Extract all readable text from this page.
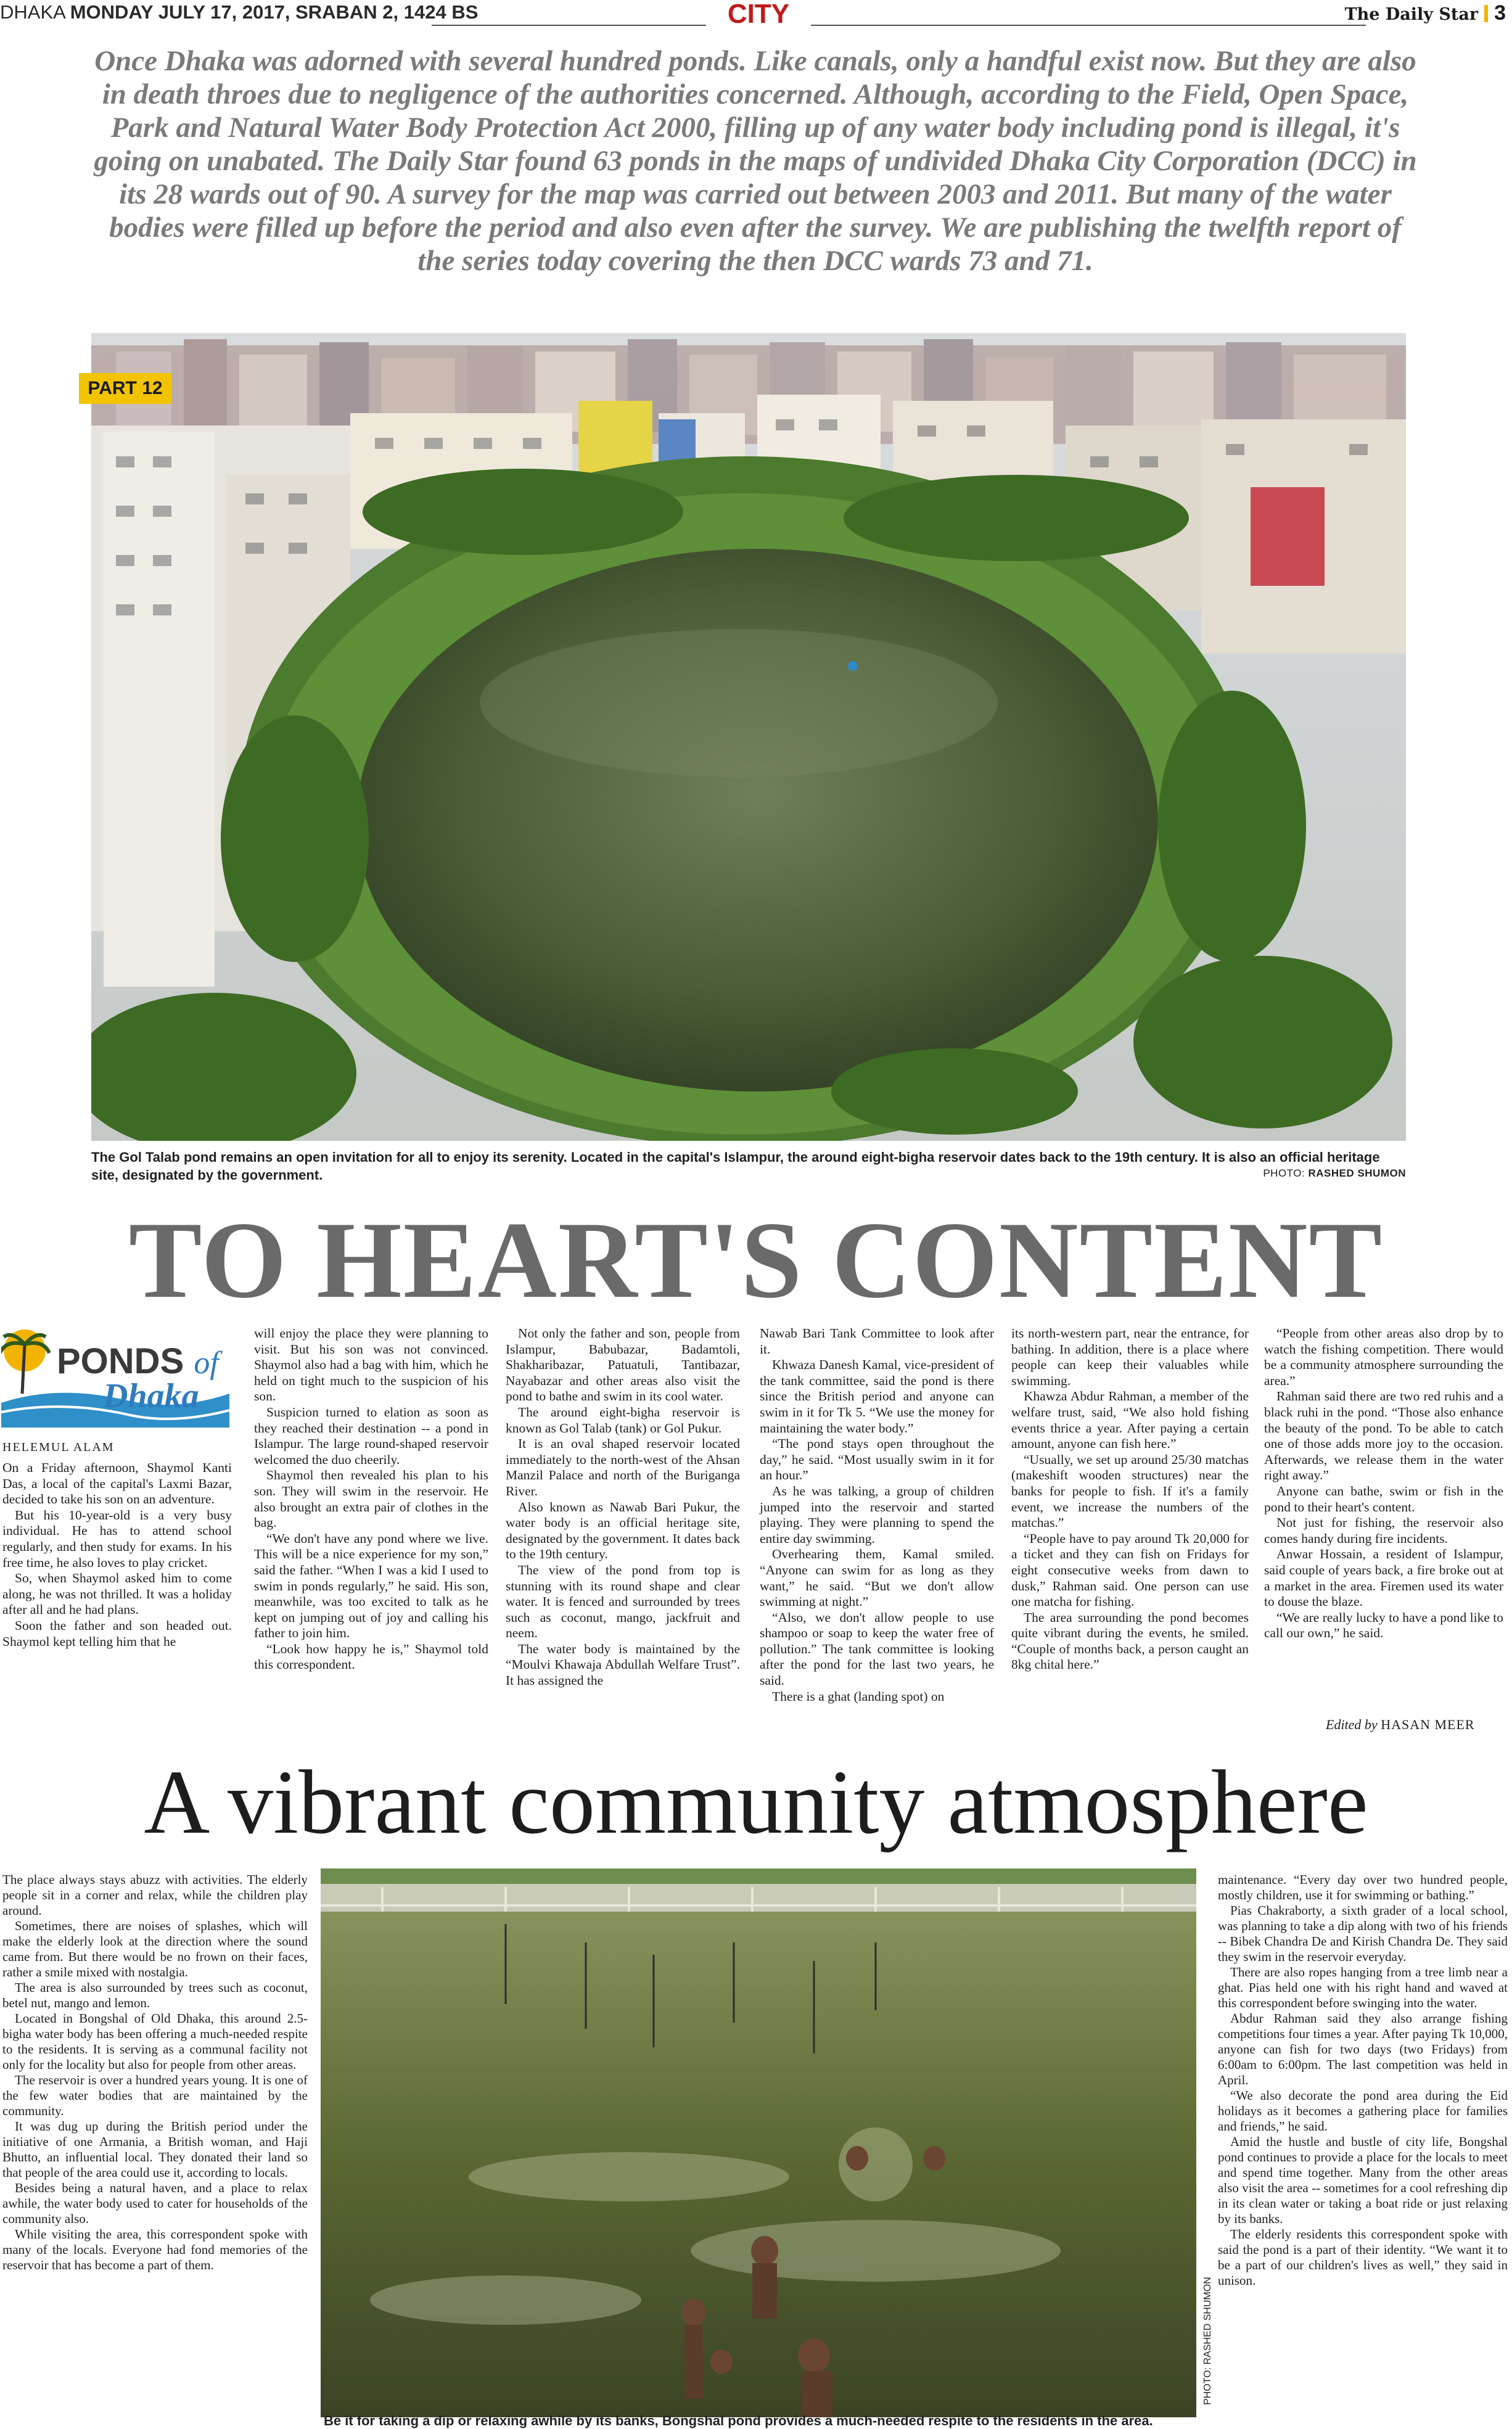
DHAKA MONDAY JULY 17, 2017, SRABAN 2, 1424 BS	CITY	The Daily Star 3
Once Dhaka was adorned with several hundred ponds. Like canals, only a handful exist now. But they are also in death throes due to negligence of the authorities concerned. Although, according to the Field, Open Space, Park and Natural Water Body Protection Act 2000, filling up of any water body including pond is illegal, it's going on unabated. The Daily Star found 63 ponds in the maps of undivided Dhaka City Corporation (DCC) in its 28 wards out of 90. A survey for the map was carried out between 2003 and 2011. But many of the water bodies were filled up before the period and also even after the survey. We are publishing the twelfth report of the series today covering the then DCC wards 73 and 71.
PART 12
The Gol Talab pond remains an open invitation for all to enjoy its serenity. Located in the capital's Islampur, the around eight-bigha reservoir dates back to the 19th century. It is also an official heritage site, designated by the government.	PHOTO: RASHED SHUMON
TO HEART'S CONTENT
PONDS of
Dhaka
HELEMUL ALAM

On a Friday afternoon, Shaymol Kanti Das, a local of the capital's Laxmi Bazar, decided to take his son on an adventure.

But his 10-year-old is a very busy individual. He has to attend school regularly, and then study for exams. In his free time, he also loves to play cricket.

So, when Shaymol asked him to come along, he was not thrilled. It was a holiday after all and he had plans.

Soon the father and son headed out. Shaymol kept telling him that he

will enjoy the place they were planning to visit. But his son was not convinced. Shaymol also had a bag with him, which he held on tight much to the suspicion of his son.

Suspicion turned to elation as soon as they reached their destination -- a pond in Islampur. The large round-shaped reservoir welcomed the duo cheerily.

Shaymol then revealed his plan to his son. They will swim in the reservoir. He also brought an extra pair of clothes in the bag.

“We don't have any pond where we live. This will be a nice experience for my son,” said the father. “When I was a kid I used to swim in ponds regularly,” he said. His son, meanwhile, was too excited to talk as he kept on jumping out of joy and calling his father to join him.

“Look how happy he is,” Shaymol told this correspondent.

Not only the father and son, people from Islampur, Babubazar, Badamtoli, Shakharibazar, Patuatuli, Tantibazar, Nayabazar and other areas also visit the pond to bathe and swim in its cool water.

The around eight-bigha reservoir is known as Gol Talab (tank) or Gol Pukur.

It is an oval shaped reservoir located immediately to the north-west of the Ahsan Manzil Palace and north of the Buriganga River.

Also known as Nawab Bari Pukur, the water body is an official heritage site, designated by the government. It dates back to the 19th century.

The view of the pond from top is stunning with its round shape and clear water. It is fenced and surrounded by trees such as coconut, mango, jackfruit and neem.

The water body is maintained by the “Moulvi Khawaja Abdullah Welfare Trust”. It has assigned the

Nawab Bari Tank Committee to look after it.

Khwaza Danesh Kamal, vice-president of the tank committee, said the pond is there since the British period and anyone can swim in it for Tk 5. “We use the money for maintaining the water body.”

“The pond stays open throughout the day,” he said. “Most usually swim in it for an hour.”

As he was talking, a group of children jumped into the reservoir and started playing. They were planning to spend the entire day swimming.

Overhearing them, Kamal smiled. “Anyone can swim for as long as they want,” he said. “But we don't allow swimming at night.”

“Also, we don't allow people to use shampoo or soap to keep the water free of pollution.” The tank committee is looking after the pond for the last two years, he said.

There is a ghat (landing spot) on

its north-western part, near the entrance, for bathing. In addition, there is a place where people can keep their valuables while swimming.

Khawza Abdur Rahman, a member of the welfare trust, said, “We also hold fishing events thrice a year. After paying a certain amount, anyone can fish here.”

“Usually, we set up around 25/30 matchas (makeshift wooden structures) near the banks for people to fish. If it's a family event, we increase the numbers of the matchas.”

“People have to pay around Tk 20,000 for a ticket and they can fish on Fridays for eight consecutive weeks from dawn to dusk,” Rahman said. One person can use one matcha for fishing.

The area surrounding the pond becomes quite vibrant during the events, he smiled. “Couple of months back, a person caught an 8kg chital here.”

“People from other areas also drop by to watch the fishing competition. There would be a community atmosphere surrounding the area.”

Rahman said there are two red ruhis and a black ruhi in the pond. “Those also enhance the beauty of the pond. To be able to catch one of those adds more joy to the occasion. Afterwards, we release them in the water right away.”

Anyone can bathe, swim or fish in the pond to their heart's content.

Not just for fishing, the reservoir also comes handy during fire incidents.

Anwar Hossain, a resident of Islampur, said couple of years back, a fire broke out at a market in the area. Firemen used its water to douse the blaze.

“We are really lucky to have a pond like to call our own,” he said.

Edited by HASAN MEER
A vibrant community atmosphere

The place always stays abuzz with activities. The elderly people sit in a corner and relax, while the children play around.

Sometimes, there are noises of splashes, which will make the elderly look at the direction where the sound came from. But there would be no frown on their faces, rather a smile mixed with nostalgia.

The area is also surrounded by trees such as coconut, betel nut, mango and lemon.

Located in Bongshal of Old Dhaka, this around 2.5-bigha water body has been offering a much-needed respite to the residents. It is serving as a communal facility not only for the locality but also for people from other areas.

The reservoir is over a hundred years young. It is one of the few water bodies that are maintained by the community.

It was dug up during the British period under the initiative of one Armania, a British woman, and Haji Bhutto, an influential local. They donated their land so that people of the area could use it, according to locals.

Besides being a natural haven, and a place to relax awhile, the water body used to cater for households of the community also.

While visiting the area, this correspondent spoke with many of the locals. Everyone had fond memories of the reservoir that has become a part of them.

PHOTO: RASHED SHUMON
Be it for taking a dip or relaxing awhile by its banks, Bongshal pond provides a much-needed respite to the residents in the area.

maintenance. “Every day over two hundred people, mostly children, use it for swimming or bathing.”

Pias Chakraborty, a sixth grader of a local school, was planning to take a dip along with two of his friends -- Bibek Chandra De and Kirish Chandra De. They said they swim in the reservoir everyday.

There are also ropes hanging from a tree limb near a ghat. Pias held one with his right hand and waved at this correspondent before swinging into the water.

Abdur Rahman said they also arrange fishing competitions four times a year. After paying Tk 10,000, anyone can fish for two days (two Fridays) from 6:00am to 6:00pm. The last competition was held in April.

“We also decorate the pond area during the Eid holidays as it becomes a gathering place for families and friends,” he said.

Amid the hustle and bustle of city life, Bongshal pond continues to provide a place for the locals to meet and spend time together. Many from the other areas also visit the area -- sometimes for a cool refreshing dip in its clean water or taking a boat ride or just relaxing by its banks.

The elderly residents this correspondent spoke with said the pond is a part of their identity. “We want it to be a part of our children's lives as well,” they said in unison.
